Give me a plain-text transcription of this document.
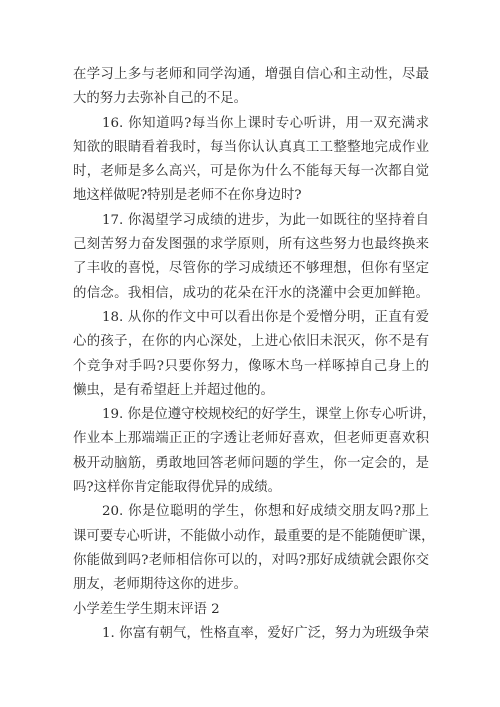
在学习上多与老师和同学沟通，增强自信心和主动性，尽最
大的努力去弥补自己的不足。
16. 你知道吗?每当你上课时专心听讲，用一双充满求
知欲的眼睛看着我时，每当你认认真真工工整整地完成作业
时，老师是多么高兴，可是你为什么不能每天每一次都自觉
地这样做呢?特别是老师不在你身边时?
17. 你渴望学习成绩的进步，为此一如既往的坚持着自
己刻苦努力奋发图强的求学原则，所有这些努力也最终换来
了丰收的喜悦，尽管你的学习成绩还不够理想，但你有坚定
的信念。我相信，成功的花朵在汗水的浇灌中会更加鲜艳。
18. 从你的作文中可以看出你是个爱憎分明，正直有爱
心的孩子，在你的内心深处，上进心依旧未泯灭，你不是有
个竞争对手吗?只要你努力，像啄木鸟一样啄掉自己身上的
懒虫，是有希望赶上并超过他的。
19. 你是位遵守校规校纪的好学生，课堂上你专心听讲，
作业本上那端端正正的字透让老师好喜欢，但老师更喜欢积
极开动脑筋，勇敢地回答老师问题的学生，你一定会的，是
吗?这样你肯定能取得优异的成绩。
20. 你是位聪明的学生，你想和好成绩交朋友吗?那上
课可要专心听讲，不能做小动作，最重要的是不能随便旷课，
你能做到吗?老师相信你可以的，对吗?那好成绩就会跟你交
朋友，老师期待这你的进步。
小学差生学生期末评语 2
1. 你富有朝气，性格直率，爱好广泛，努力为班级争荣
